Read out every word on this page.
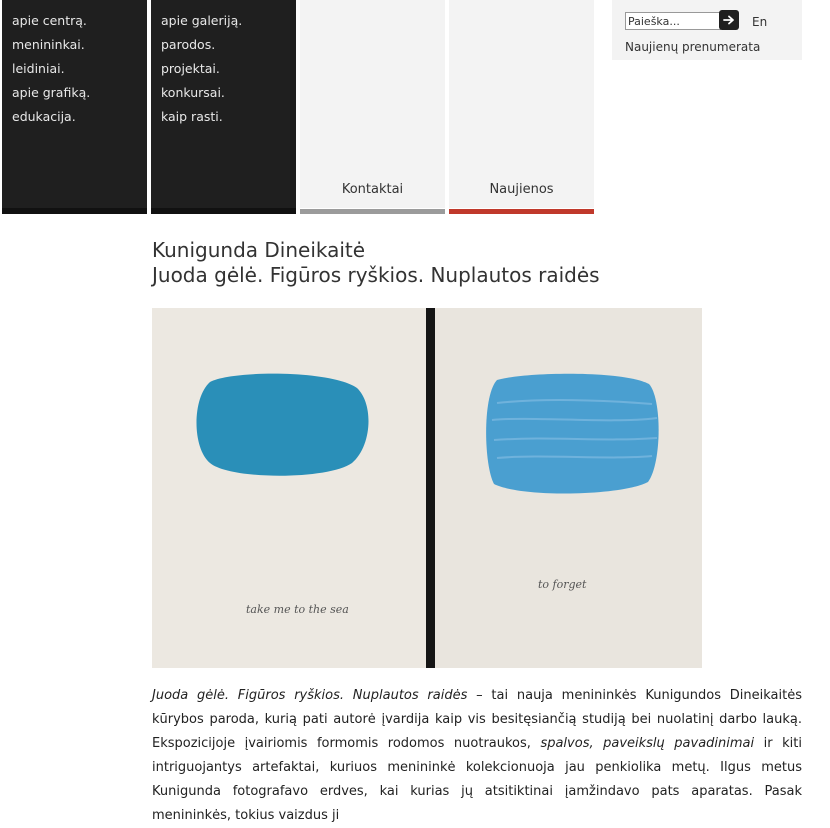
apie centrą.
menininkai.
leidiniai.
apie grafiką.
edukacija.
apie galeriją.
parodos.
projektai.
konkursai.
kaip rasti.
Kontaktai	Naujienos
Paieška...
En
Naujienų prenumerata
Kunigunda Dineikaitė
Juoda gėlė. Figūros ryškios. Nuplautos raidės
take me to the sea
to forget

Juoda gėlė. Figūros ryškios. Nuplautos raidės – tai nauja menininkės Kunigundos Dineikaitės kūrybos paroda, kurią pati autorė įvardija kaip vis besitęsiančią studiją bei nuolatinį darbo lauką. Ekspozicijoje įvairiomis formomis rodomos nuotraukos, spalvos, paveikslų pavadinimai ir kiti intriguojantys artefaktai, kuriuos menininkė kolekcionuoja jau penkiolika metų. Ilgus metus Kunigunda fotografavo erdves, kai kurias jų atsitiktinai įamžindavo pats aparatas. Pasak menininkės, tokius vaizdus ji
